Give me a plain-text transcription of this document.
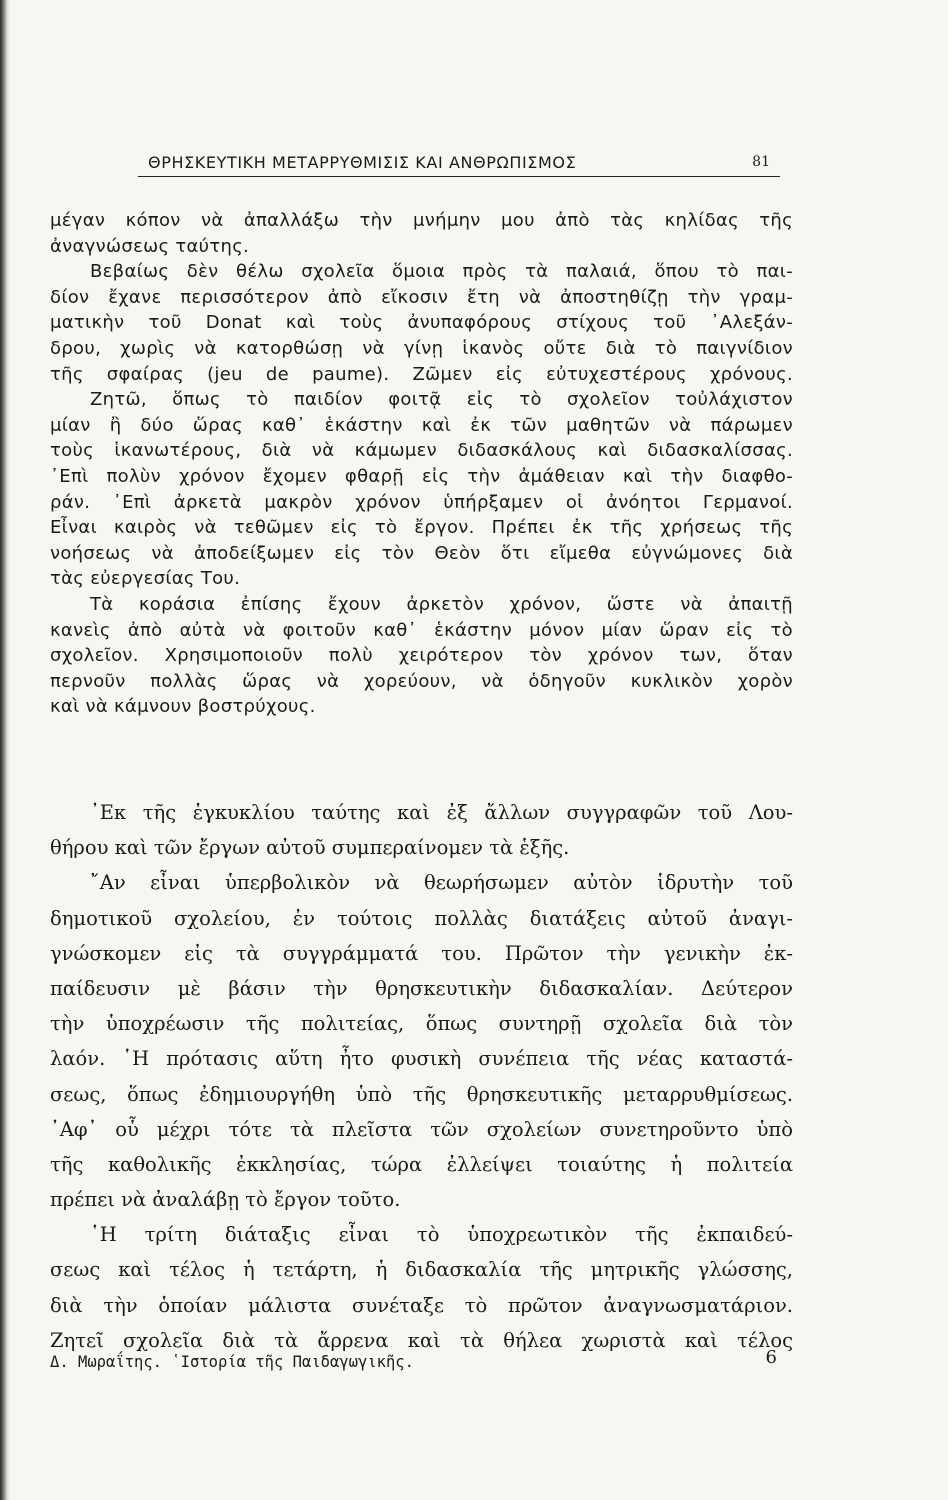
ΘΡΗΣΚΕΥΤΙΚΗ ΜΕΤΑΡΡΥΘΜΙΣΙΣ ΚΑΙ ΑΝΘΡΩΠΙΣΜΟΣ	81
μέγαν κόπον νὰ ἀπαλλάξω τὴν μνήμην μου ἀπὸ τὰς κηλίδας τῆς
ἀναγνώσεως ταύτης.
Βεβαίως δὲν θέλω σχολεῖα ὅμοια πρὸς τὰ παλαιά, ὅπου τὸ παι-
δίον ἔχανε περισσότερον ἀπὸ εἴκοσιν ἔτη νὰ ἀποστηθίζῃ τὴν γραμ-
ματικὴν τοῦ Donat καὶ τοὺς ἀνυπαφόρους στίχους τοῦ ᾿Αλεξάν-
δρου, χωρὶς νὰ κατορθώσῃ νὰ γίνῃ ἱκανὸς οὔτε διὰ τὸ παιγνίδιον
τῆς σφαίρας (jeu de paume). Ζῶμεν εἰς εὐτυχεστέρους χρόνους.
Ζητῶ, ὅπως τὸ παιδίον φοιτᾷ εἰς τὸ σχολεῖον τοὐλάχιστον
μίαν ἢ δύο ὥρας καθ᾿ ἑκάστην καὶ ἐκ τῶν μαθητῶν νὰ πάρωμεν
τοὺς ἱκανωτέρους, διὰ νὰ κάμωμεν διδασκάλους καὶ διδασκαλίσσας.
᾿Επὶ πολὺν χρόνον ἔχομεν φθαρῇ εἰς τὴν ἀμάθειαν καὶ τὴν διαφθο-
ράν. ᾿Επὶ ἀρκετὰ μακρὸν χρόνον ὑπήρξαμεν οἱ ἀνόητοι Γερμανοί.
Εἶναι καιρὸς νὰ τεθῶμεν εἰς τὸ ἔργον. Πρέπει ἐκ τῆς χρήσεως τῆς
νοήσεως νὰ ἀποδείξωμεν εἰς τὸν Θεὸν ὅτι εἴμεθα εὐγνώμονες διὰ
τὰς εὐεργεσίας Του.
Τὰ κοράσια ἐπίσης ἔχουν ἀρκετὸν χρόνον, ὥστε νὰ ἀπαιτῇ
κανεὶς ἀπὸ αὐτὰ νὰ φοιτοῦν καθ᾿ ἑκάστην μόνον μίαν ὥραν εἰς τὸ
σχολεῖον. Χρησιμοποιοῦν πολὺ χειρότερον τὸν χρόνον των, ὅταν
περνοῦν πολλὰς ὥρας νὰ χορεύουν, νὰ ὁδηγοῦν κυκλικὸν χορὸν
καὶ νὰ κάμνουν βοστρύχους.
᾿Εκ τῆς ἐγκυκλίου ταύτης καὶ ἐξ ἄλλων συγγραφῶν τοῦ Λου-
θήρου καὶ τῶν ἔργων αὐτοῦ συμπεραίνομεν τὰ ἑξῆς.
῎Αν εἶναι ὑπερβολικὸν νὰ θεωρήσωμεν αὐτὸν ἱδρυτὴν τοῦ
δημοτικοῦ σχολείου, ἐν τούτοις πολλὰς διατάξεις αὐτοῦ ἀναγι-
γνώσκομεν εἰς τὰ συγγράμματά του. Πρῶτον τὴν γενικὴν ἐκ-
παίδευσιν μὲ βάσιν τὴν θρησκευτικὴν διδασκαλίαν. Δεύτερον
τὴν ὑποχρέωσιν τῆς πολιτείας, ὅπως συντηρῇ σχολεῖα διὰ τὸν
λαόν. ῾Η πρότασις αὕτη ἦτο φυσικὴ συνέπεια τῆς νέας καταστά-
σεως, ὅπως ἐδημιουργήθη ὑπὸ τῆς θρησκευτικῆς μεταρρυθμίσεως.
᾿Αφ᾿ οὗ μέχρι τότε τὰ πλεῖστα τῶν σχολείων συνετηροῦντο ὑπὸ
τῆς καθολικῆς ἐκκλησίας, τώρα ἐλλείψει τοιαύτης ἡ πολιτεία
πρέπει νὰ ἀναλάβῃ τὸ ἔργον τοῦτο.
῾Η τρίτη διάταξις εἶναι τὸ ὑποχρεωτικὸν τῆς ἐκπαιδεύ-
σεως καὶ τέλος ἡ τετάρτη, ἡ διδασκαλία τῆς μητρικῆς γλώσσης,
διὰ τὴν ὁποίαν μάλιστα συνέταξε τὸ πρῶτον ἀναγνωσματάριον.
Ζητεῖ σχολεῖα διὰ τὰ ἄρρενα καὶ τὰ θήλεα χωριστὰ καὶ τέλος
Δ. Μωραΐτης. ῾Ιστορία τῆς Παιδαγωγικῆς.	6
